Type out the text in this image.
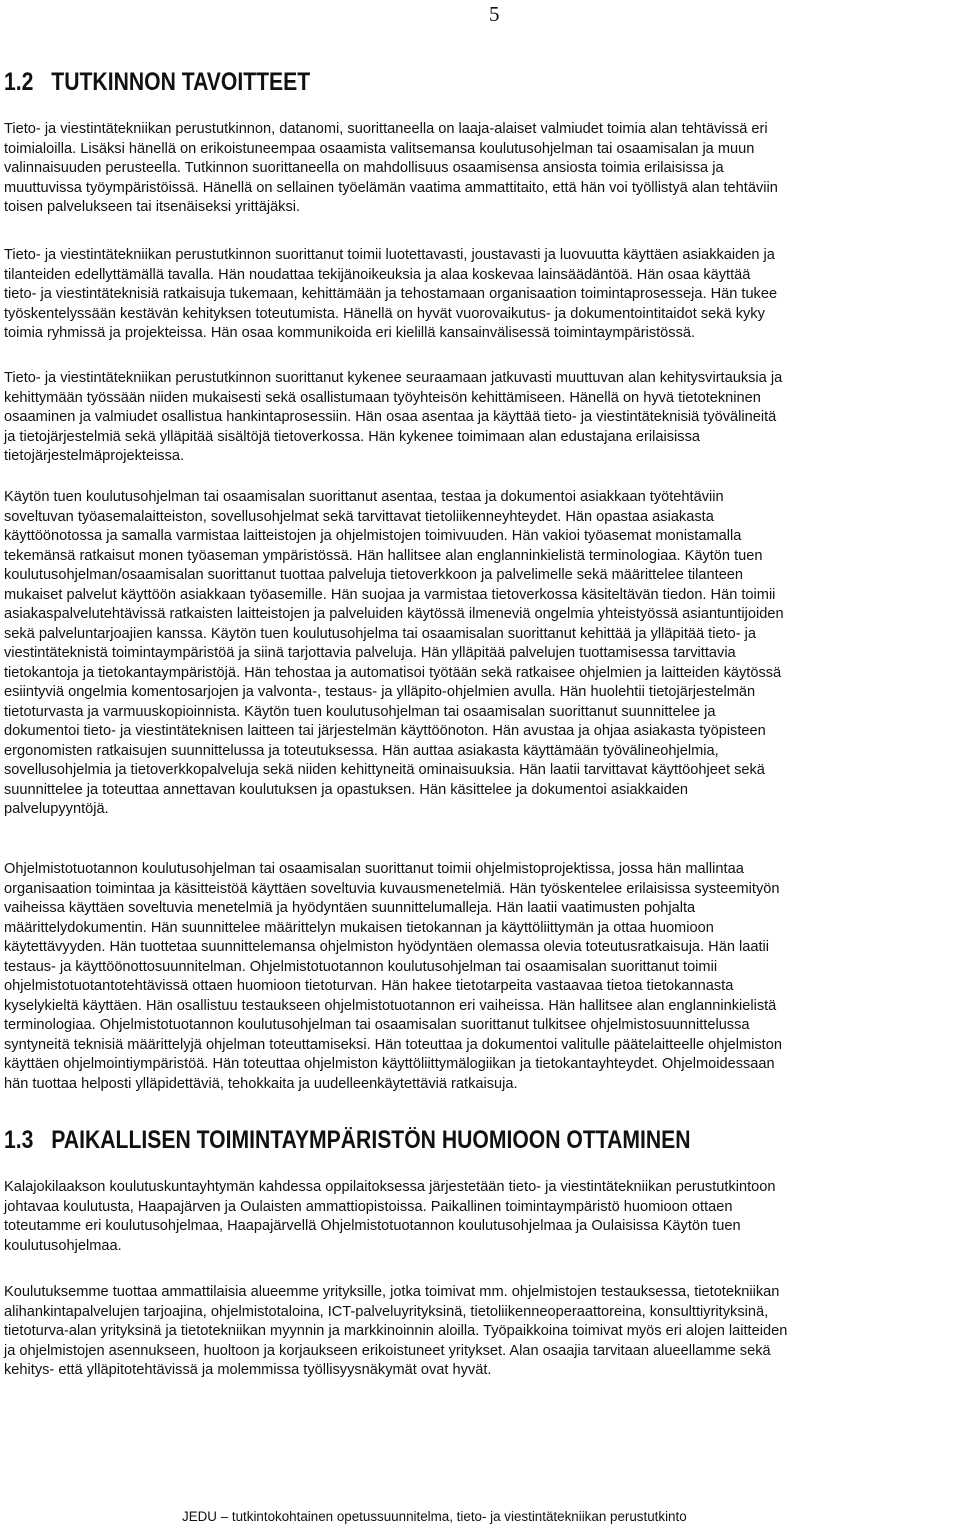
5
1.2 TUTKINNON TAVOITTEET

Tieto- ja viestintätekniikan perustutkinnon, datanomi, suorittaneella on laaja-alaiset valmiudet toimia alan tehtävissä eri
toimialoilla. Lisäksi hänellä on erikoistuneempaa osaamista valitsemansa koulutusohjelman tai osaamisalan ja muun
valinnaisuuden perusteella. Tutkinnon suorittaneella on mahdollisuus osaamisensa ansiosta toimia erilaisissa ja
muuttuvissa työympäristöissä. Hänellä on sellainen työelämän vaatima ammattitaito, että hän voi työllistyä alan tehtäviin
toisen palvelukseen tai itsenäiseksi yrittäjäksi.

Tieto- ja viestintätekniikan perustutkinnon suorittanut toimii luotettavasti, joustavasti ja luovuutta käyttäen asiakkaiden ja
tilanteiden edellyttämällä tavalla. Hän noudattaa tekijänoikeuksia ja alaa koskevaa lainsäädäntöä. Hän osaa käyttää
tieto- ja viestintäteknisiä ratkaisuja tukemaan, kehittämään ja tehostamaan organisaation toimintaprosesseja. Hän tukee
työskentelyssään kestävän kehityksen toteutumista. Hänellä on hyvät vuorovaikutus- ja dokumentointitaidot sekä kyky
toimia ryhmissä ja projekteissa. Hän osaa kommunikoida eri kielillä kansainvälisessä toimintaympäristössä.

Tieto- ja viestintätekniikan perustutkinnon suorittanut kykenee seuraamaan jatkuvasti muuttuvan alan kehitysvirtauksia ja
kehittymään työssään niiden mukaisesti sekä osallistumaan työyhteisön kehittämiseen. Hänellä on hyvä tietotekninen
osaaminen ja valmiudet osallistua hankintaprosessiin. Hän osaa asentaa ja käyttää tieto- ja viestintäteknisiä työvälineitä
ja tietojärjestelmiä sekä ylläpitää sisältöjä tietoverkossa. Hän kykenee toimimaan alan edustajana erilaisissa
tietojärjestelmäprojekteissa.

Käytön tuen koulutusohjelman tai osaamisalan suorittanut asentaa, testaa ja dokumentoi asiakkaan työtehtäviin
soveltuvan työasemalaitteiston, sovellusohjelmat sekä tarvittavat tietoliikenneyhteydet. Hän opastaa asiakasta
käyttöönotossa ja samalla varmistaa laitteistojen ja ohjelmistojen toimivuuden. Hän vakioi työasemat monistamalla
tekemänsä ratkaisut monen työaseman ympäristössä. Hän hallitsee alan englanninkielistä terminologiaa. Käytön tuen
koulutusohjelman/osaamisalan suorittanut tuottaa palveluja tietoverkkoon ja palvelimelle sekä määrittelee tilanteen
mukaiset palvelut käyttöön asiakkaan työasemille. Hän suojaa ja varmistaa tietoverkossa käsiteltävän tiedon. Hän toimii
asiakaspalvelutehtävissä ratkaisten laitteistojen ja palveluiden käytössä ilmeneviä ongelmia yhteistyössä asiantuntijoiden
sekä palveluntarjoajien kanssa. Käytön tuen koulutusohjelma tai osaamisalan suorittanut kehittää ja ylläpitää tieto- ja
viestintäteknistä toimintaympäristöä ja siinä tarjottavia palveluja. Hän ylläpitää palvelujen tuottamisessa tarvittavia
tietokantoja ja tietokantaympäristöjä. Hän tehostaa ja automatisoi työtään sekä ratkaisee ohjelmien ja laitteiden käytössä
esiintyviä ongelmia komentosarjojen ja valvonta-, testaus- ja ylläpito-ohjelmien avulla. Hän huolehtii tietojärjestelmän
tietoturvasta ja varmuuskopioinnista. Käytön tuen koulutusohjelman tai osaamisalan suorittanut suunnittelee ja
dokumentoi tieto- ja viestintäteknisen laitteen tai järjestelmän käyttöönoton. Hän avustaa ja ohjaa asiakasta työpisteen
ergonomisten ratkaisujen suunnittelussa ja toteutuksessa. Hän auttaa asiakasta käyttämään työvälineohjelmia,
sovellusohjelmia ja tietoverkkopalveluja sekä niiden kehittyneitä ominaisuuksia. Hän laatii tarvittavat käyttöohjeet sekä
suunnittelee ja toteuttaa annettavan koulutuksen ja opastuksen. Hän käsittelee ja dokumentoi asiakkaiden
palvelupyyntöjä.

Ohjelmistotuotannon koulutusohjelman tai osaamisalan suorittanut toimii ohjelmistoprojektissa, jossa hän mallintaa
organisaation toimintaa ja käsitteistöä käyttäen soveltuvia kuvausmenetelmiä. Hän työskentelee erilaisissa systeemityön
vaiheissa käyttäen soveltuvia menetelmiä ja hyödyntäen suunnittelumalleja. Hän laatii vaatimusten pohjalta
määrittelydokumentin. Hän suunnittelee määrittelyn mukaisen tietokannan ja käyttöliittymän ja ottaa huomioon
käytettävyyden. Hän tuottetaa suunnittelemansa ohjelmiston hyödyntäen olemassa olevia toteutusratkaisuja. Hän laatii
testaus- ja käyttöönottosuunnitelman. Ohjelmistotuotannon koulutusohjelman tai osaamisalan suorittanut toimii
ohjelmistotuotantotehtävissä ottaen huomioon tietoturvan. Hän hakee tietotarpeita vastaavaa tietoa tietokannasta
kyselykieltä käyttäen. Hän osallistuu testaukseen ohjelmistotuotannon eri vaiheissa. Hän hallitsee alan englanninkielistä
terminologiaa. Ohjelmistotuotannon koulutusohjelman tai osaamisalan suorittanut tulkitsee ohjelmistosuunnittelussa
syntyneitä teknisiä määrittelyjä ohjelman toteuttamiseksi. Hän toteuttaa ja dokumentoi valitulle päätelaitteelle ohjelmiston
käyttäen ohjelmointiympäristöä. Hän toteuttaa ohjelmiston käyttöliittymälogiikan ja tietokantayhteydet. Ohjelmoidessaan
hän tuottaa helposti ylläpidettäviä, tehokkaita ja uudelleenkäytettäviä ratkaisuja.

1.3 PAIKALLISEN TOIMINTAYMPÄRISTÖN HUOMIOON OTTAMINEN

Kalajokilaakson koulutuskuntayhtymän kahdessa oppilaitoksessa järjestetään tieto- ja viestintätekniikan perustutkintoon
johtavaa koulutusta, Haapajärven ja Oulaisten ammattiopistoissa. Paikallinen toimintaympäristö huomioon ottaen
toteutamme eri koulutusohjelmaa, Haapajärvellä Ohjelmistotuotannon koulutusohjelmaa ja Oulaisissa Käytön tuen
koulutusohjelmaa.

Koulutuksemme tuottaa ammattilaisia alueemme yrityksille, jotka toimivat mm. ohjelmistojen testauksessa, tietotekniikan
alihankintapalvelujen tarjoajina, ohjelmistotaloina, ICT-palveluyrityksinä, tietoliikenneoperaattoreina, konsulttiyrityksinä,
tietoturva-alan yrityksinä ja tietotekniikan myynnin ja markkinoinnin aloilla. Työpaikkoina toimivat myös eri alojen laitteiden
ja ohjelmistojen asennukseen, huoltoon ja korjaukseen erikoistuneet yritykset. Alan osaajia tarvitaan alueellamme sekä
kehitys- että ylläpitotehtävissä ja molemmissa työllisyysnäkymät ovat hyvät.

JEDU – tutkintokohtainen opetussuunnitelma, tieto- ja viestintätekniikan perustutkinto
